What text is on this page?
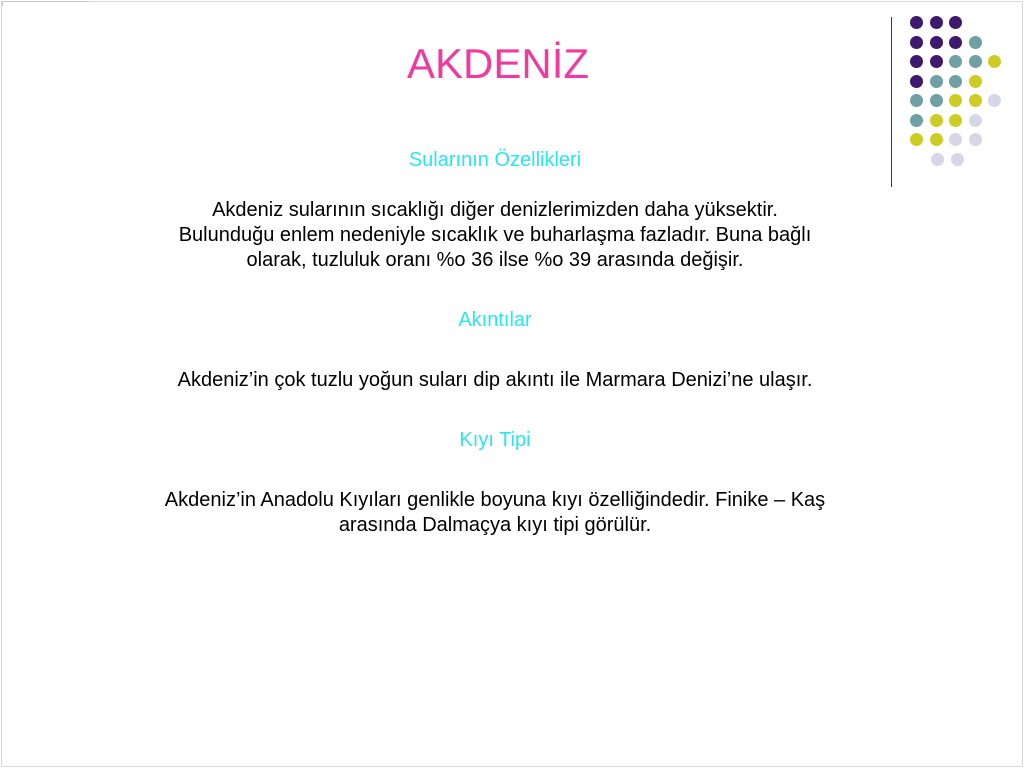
AKDENİZ

Sularının Özellikleri

Akdeniz sularının sıcaklığı diğer denizlerimizden daha yüksektir.

Bulunduğu enlem nedeniyle sıcaklık ve buharlaşma fazladır. Buna bağlı

olarak, tuzluluk oranı %o 36 ilse %o 39 arasında değişir.

Akıntılar

Akdeniz’in çok tuzlu yoğun suları dip akıntı ile Marmara Denizi’ne ulaşır.

Kıyı Tipi

Akdeniz’in Anadolu Kıyıları genlikle boyuna kıyı özelliğindedir. Finike – Kaş

arasında Dalmaçya kıyı tipi görülür.
